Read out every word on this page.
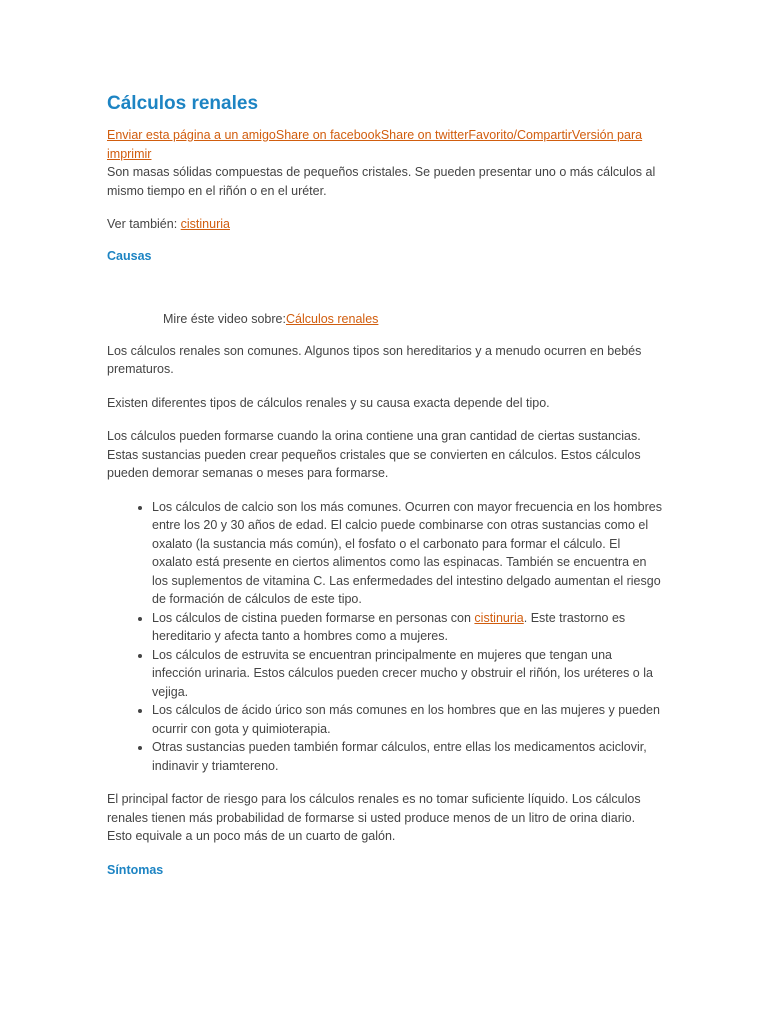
Cálculos renales
Enviar esta página a un amigoShare on facebookShare on twitterFavorito/CompartirVersión para imprimir

Son masas sólidas compuestas de pequeños cristales. Se pueden presentar uno o más cálculos al mismo tiempo en el riñón o en el uréter.

Ver también: cistinuria

Causas

Mire éste video sobre:Cálculos renales

Los cálculos renales son comunes. Algunos tipos son hereditarios y a menudo ocurren en bebés prematuros.

Existen diferentes tipos de cálculos renales y su causa exacta depende del tipo.

Los cálculos pueden formarse cuando la orina contiene una gran cantidad de ciertas sustancias. Estas sustancias pueden crear pequeños cristales que se convierten en cálculos. Estos cálculos pueden demorar semanas o meses para formarse.

• Los cálculos de calcio son los más comunes. Ocurren con mayor frecuencia en los hombres entre los 20 y 30 años de edad. El calcio puede combinarse con otras sustancias como el oxalato (la sustancia más común), el fosfato o el carbonato para formar el cálculo. El oxalato está presente en ciertos alimentos como las espinacas. También se encuentra en los suplementos de vitamina C. Las enfermedades del intestino delgado aumentan el riesgo de formación de cálculos de este tipo.
• Los cálculos de cistina pueden formarse en personas con cistinuria. Este trastorno es hereditario y afecta tanto a hombres como a mujeres.
• Los cálculos de estruvita se encuentran principalmente en mujeres que tengan una infección urinaria. Estos cálculos pueden crecer mucho y obstruir el riñón, los uréteres o la vejiga.
• Los cálculos de ácido úrico son más comunes en los hombres que en las mujeres y pueden ocurrir con gota y quimioterapia.
• Otras sustancias pueden también formar cálculos, entre ellas los medicamentos aciclovir, indinavir y triamtereno.

El principal factor de riesgo para los cálculos renales es no tomar suficiente líquido. Los cálculos renales tienen más probabilidad de formarse si usted produce menos de un litro de orina diario. Esto equivale a un poco más de un cuarto de galón.

Síntomas
